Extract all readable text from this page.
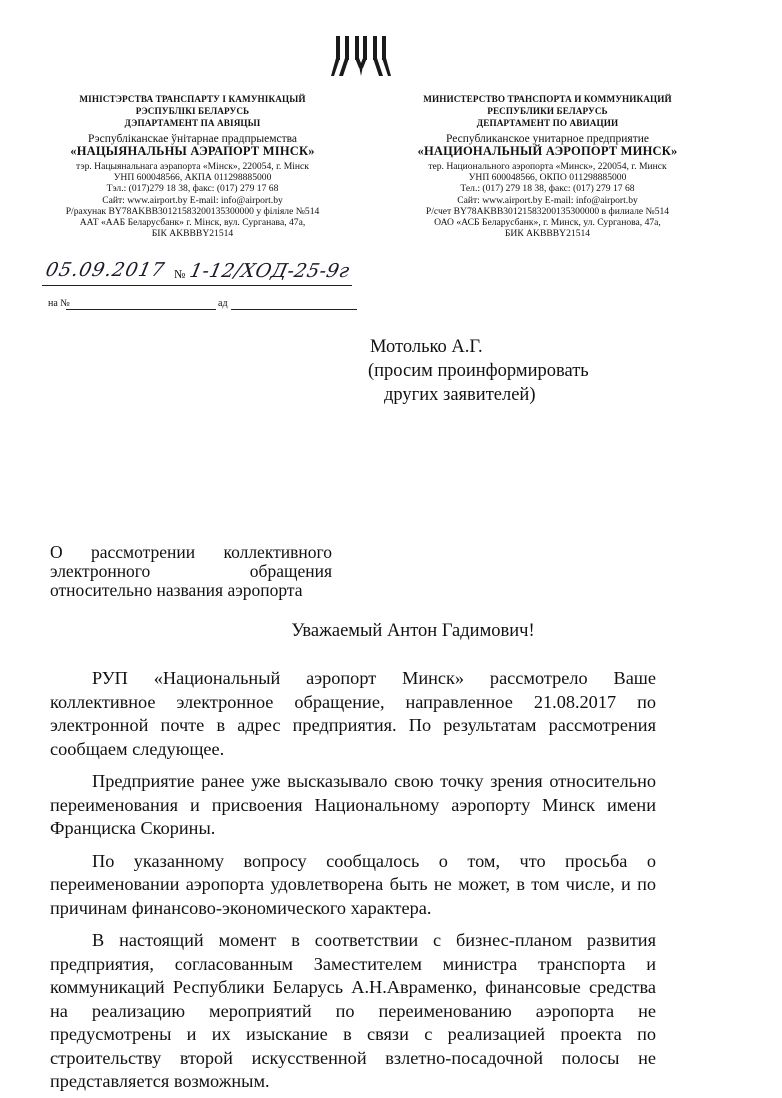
МІНІСТЭРСТВА ТРАНСПАРТУ І КАМУНІКАЦЫЙ
РЭСПУБЛІКІ БЕЛАРУСЬ
ДЭПАРТАМЕНТ ПА АВІЯЦЫІ
Рэспубліканскае ўнітарнае прадпрыемства
«НАЦЫЯНАЛЬНЫ АЭРАПОРТ МІНСК»
тэр. Нацыянальнага аэрапорта «Мінск», 220054, г. Мінск
УНП 600048566, АКПА 011298885000
Тэл.: (017)279 18 38, факс: (017) 279 17 68
Сайт: www.airport.by E-mail: info@airport.by
Р/рахунак BY78AKBB30121583200135300000 у філіяле №514
ААТ «ААБ Беларусбанк» г. Мінск, вул. Сурганава, 47а,
БІК AKBBBY21514
МИНИСТЕРСТВО ТРАНСПОРТА И КОММУНИКАЦИЙ
РЕСПУБЛИКИ БЕЛАРУСЬ
ДЕПАРТАМЕНТ ПО АВИАЦИИ
Республиканское унитарное предприятие
«НАЦИОНАЛЬНЫЙ АЭРОПОРТ МИНСК»
тер. Национального аэропорта «Минск», 220054, г. Минск
УНП 600048566, ОКПО 011298885000
Тел.: (017) 279 18 38, факс: (017) 279 17 68
Сайт: www.airport.by E-mail: info@airport.by
Р/счет BY78AKBB30121583200135300000 в филиале №514
ОАО «АСБ Беларусбанк», г. Минск, ул. Сурганова, 47а,
БИК AKBBBY21514
05.09.2017 № 1-12/ХОД-25-9г
на №	ад
Мотолько А.Г.
(просим проинформировать
других заявителей)
О рассмотрении коллективного
электронного	обращения
относительно названия аэропорта
Уважаемый Антон Гадимович!

РУП «Национальный аэропорт Минск» рассмотрело Ваше коллективное электронное обращение, направленное 21.08.2017 по электронной почте в адрес предприятия. По результатам рассмотрения сообщаем следующее.

Предприятие ранее уже высказывало свою точку зрения относительно переименования и присвоения Национальному аэропорту Минск имени Франциска Скорины.

По указанному вопросу сообщалось о том, что просьба о переименовании аэропорта удовлетворена быть не может, в том числе, и по причинам финансово-экономического характера.

В настоящий момент в соответствии с бизнес-планом развития предприятия, согласованным Заместителем министра транспорта и коммуникаций Республики Беларусь А.Н.Авраменко, финансовые средства на реализацию мероприятий по переименованию аэропорта не предусмотрены и их изыскание в связи с реализацией проекта по строительству второй искусственной взлетно-посадочной полосы не представляется возможным.
